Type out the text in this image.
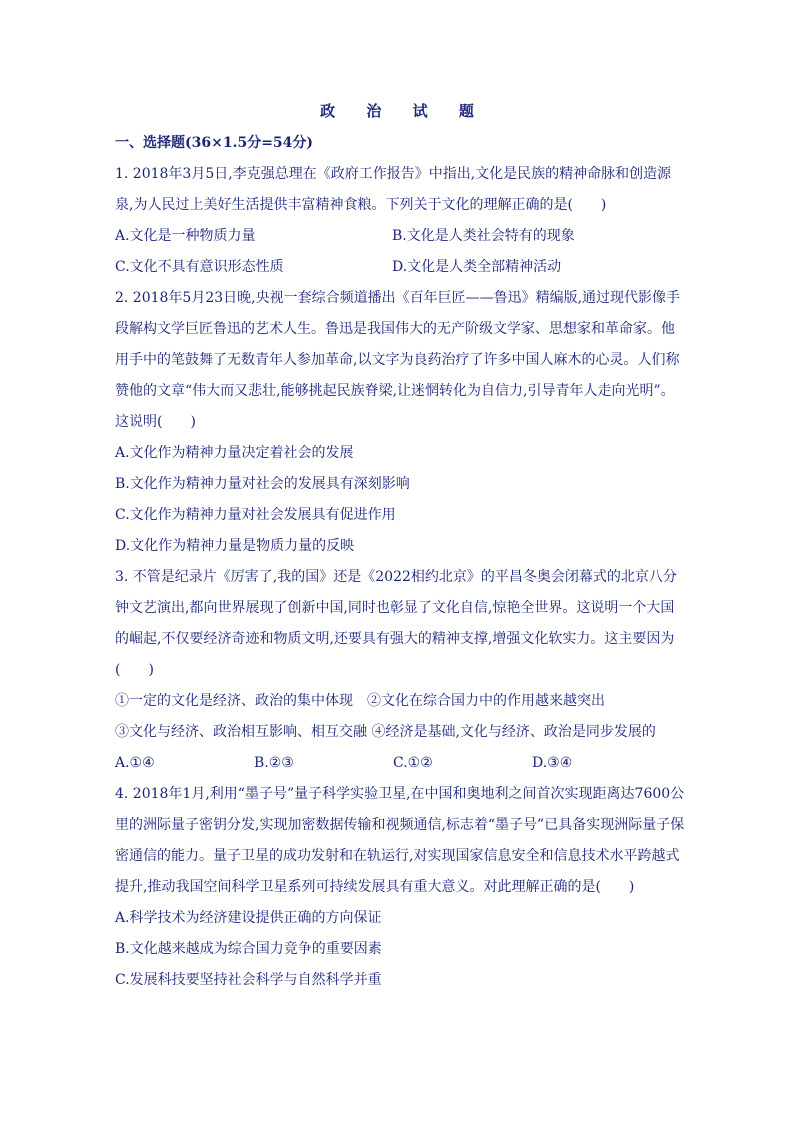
政 治 试 题
一、选择题(36×1.5分=54分)

1. 2018年3月5日,李克强总理在《政府工作报告》中指出,文化是民族的精神命脉和创造源泉,为人民过上美好生活提供丰富精神食粮。下列关于文化的理解正确的是(　　)

A.文化是一种物质力量	B.文化是人类社会特有的现象
C.文化不具有意识形态性质	D.文化是人类全部精神活动

2. 2018年5月23日晚,央视一套综合频道播出《百年巨匠——鲁迅》精编版,通过现代影像手段解构文学巨匠鲁迅的艺术人生。鲁迅是我国伟大的无产阶级文学家、思想家和革命家。他用手中的笔鼓舞了无数青年人参加革命,以文字为良药治疗了许多中国人麻木的心灵。人们称赞他的文章“伟大而又悲壮,能够挑起民族脊梁,让迷惘转化为自信力,引导青年人走向光明”。这说明(　　)

A.文化作为精神力量决定着社会的发展

B.文化作为精神力量对社会的发展具有深刻影响

C.文化作为精神力量对社会发展具有促进作用

D.文化作为精神力量是物质力量的反映

3. 不管是纪录片《厉害了,我的国》还是《2022相约北京》的平昌冬奥会闭幕式的北京八分钟文艺演出,都向世界展现了创新中国,同时也彰显了文化自信,惊艳全世界。这说明一个大国的崛起,不仅要经济奇迹和物质文明,还要具有强大的精神支撑,增强文化软实力。这主要因为(　　)

①一定的文化是经济、政治的集中体现　②文化在综合国力中的作用越来越突出

③文化与经济、政治相互影响、相互交融 ④经济是基础,文化与经济、政治是同步发展的

A.①④	B.②③	C.①②	D.③④

4. 2018年1月,利用“墨子号”量子科学实验卫星,在中国和奥地利之间首次实现距离达7600公里的洲际量子密钥分发,实现加密数据传输和视频通信,标志着“墨子号”已具备实现洲际量子保密通信的能力。量子卫星的成功发射和在轨运行,对实现国家信息安全和信息技术水平跨越式提升,推动我国空间科学卫星系列可持续发展具有重大意义。对此理解正确的是(　　)

A.科学技术为经济建设提供正确的方向保证

B.文化越来越成为综合国力竞争的重要因素

C.发展科技要坚持社会科学与自然科学并重
